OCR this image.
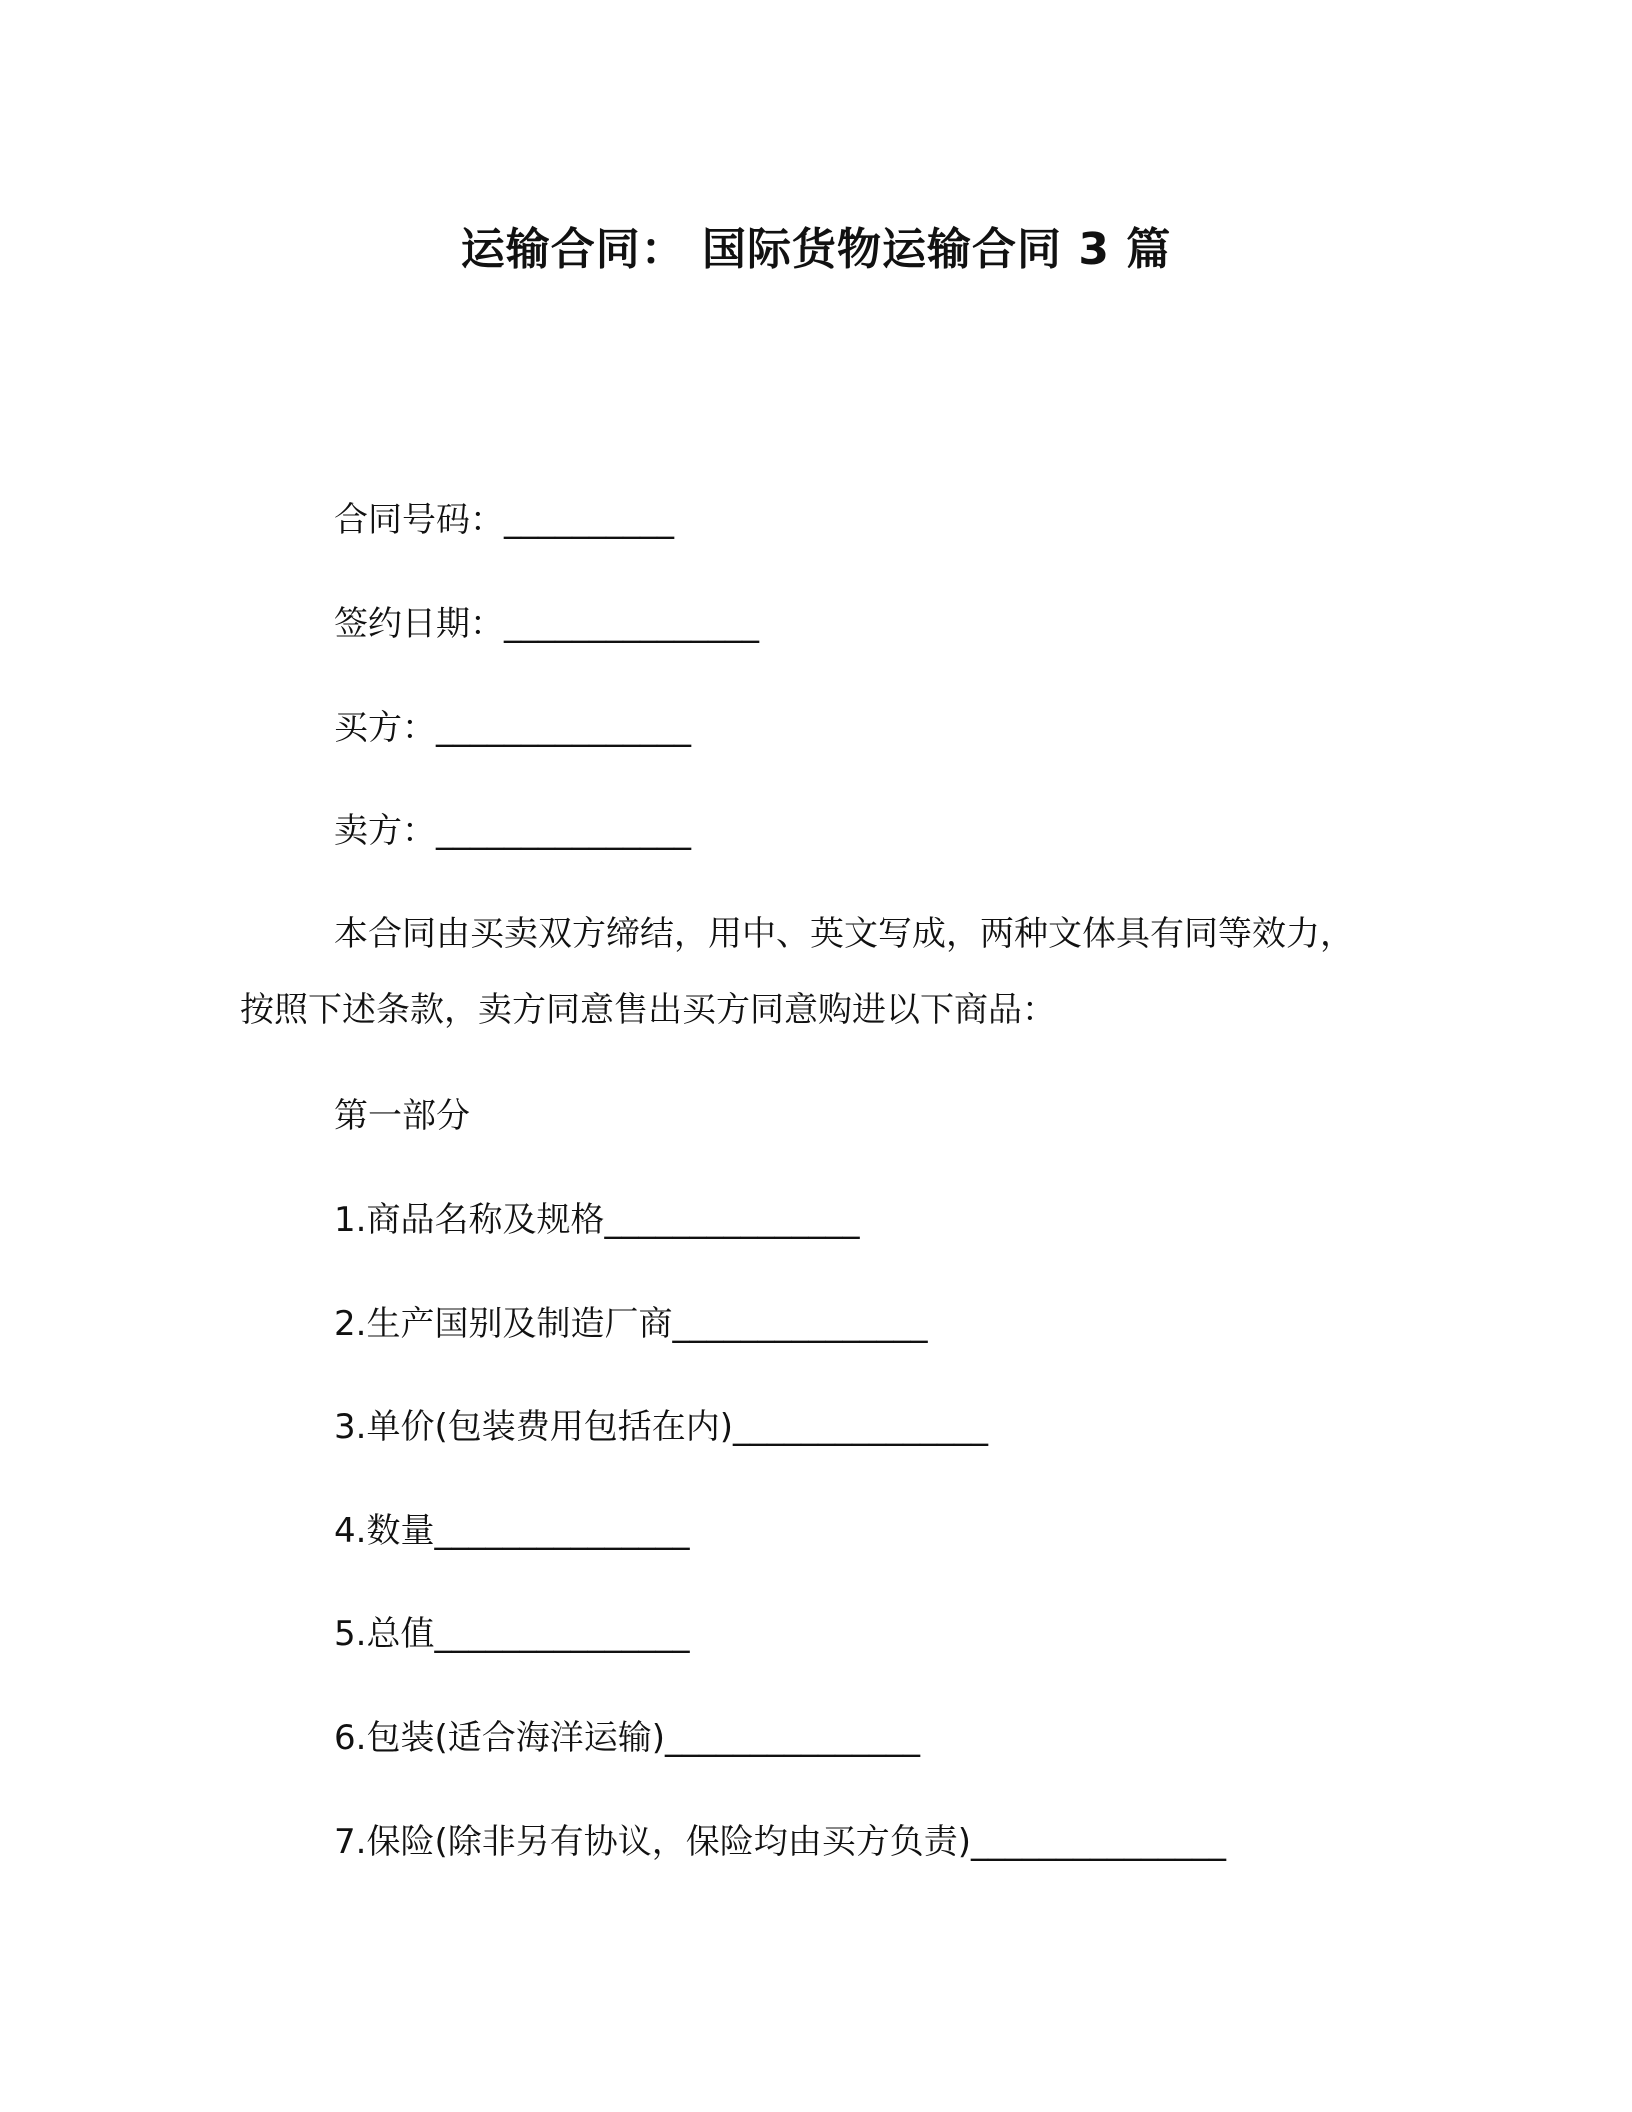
运输合同： 国际货物运输合同 3 篇
合同号码：__________
签约日期：_______________
买方：_______________
卖方：_______________
本合同由买卖双方缔结，用中、英文写成，两种文体具有同等效力，按照下述条款，卖方同意售出买方同意购进以下商品：
第一部分
1.商品名称及规格_______________
2.生产国别及制造厂商_______________
3.单价(包装费用包括在内)_______________
4.数量_______________
5.总值_______________
6.包装(适合海洋运输)_______________
7.保险(除非另有协议，保险均由买方负责)_______________
